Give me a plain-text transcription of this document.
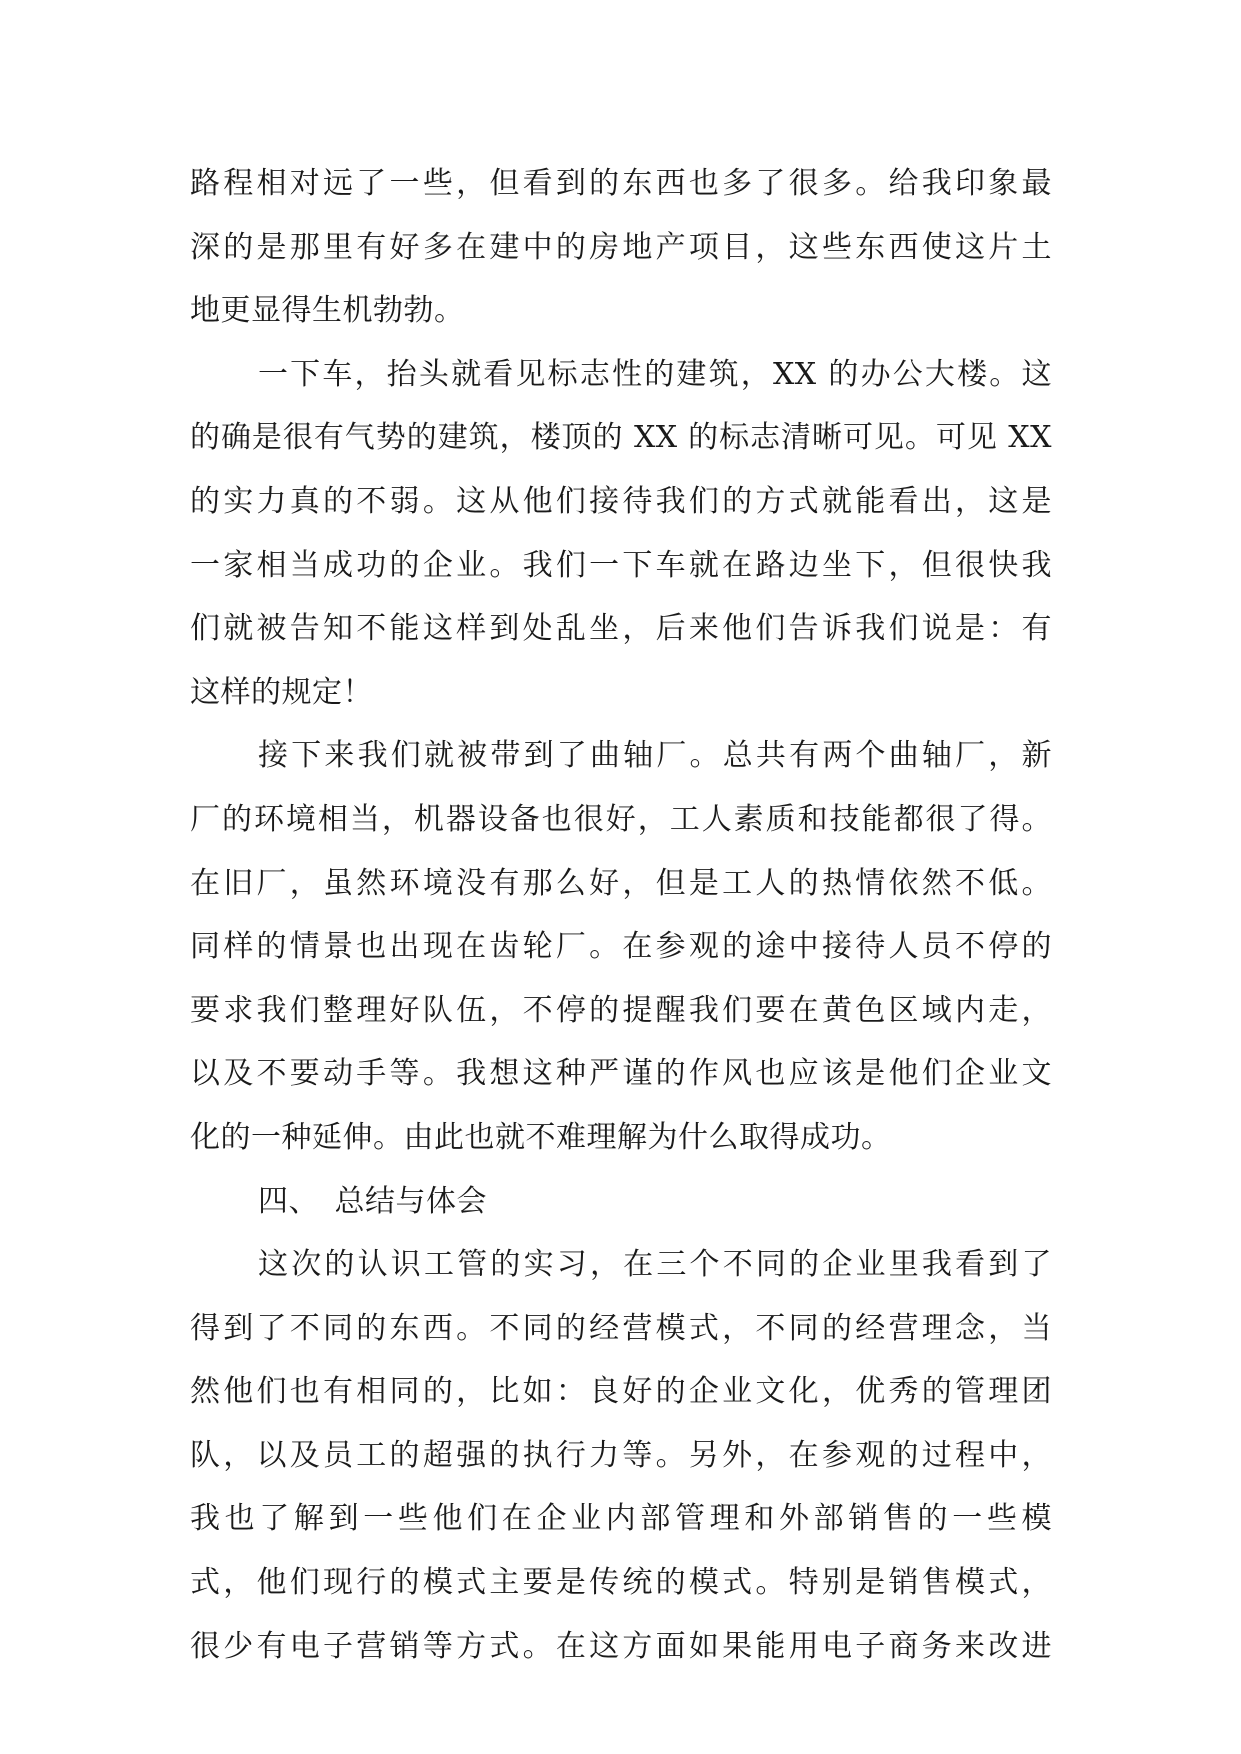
路程相对远了一些，但看到的东西也多了很多。给我印象最
深的是那里有好多在建中的房地产项目，这些东西使这片土
地更显得生机勃勃。
一下车，抬头就看见标志性的建筑，XX 的办公大楼。这
的确是很有气势的建筑，楼顶的 XX 的标志清晰可见。可见 XX
的实力真的不弱。这从他们接待我们的方式就能看出，这是
一家相当成功的企业。我们一下车就在路边坐下，但很快我
们就被告知不能这样到处乱坐，后来他们告诉我们说是：有
这样的规定！
接下来我们就被带到了曲轴厂。总共有两个曲轴厂，新
厂的环境相当，机器设备也很好，工人素质和技能都很了得。
在旧厂，虽然环境没有那么好，但是工人的热情依然不低。
同样的情景也出现在齿轮厂。在参观的途中接待人员不停的
要求我们整理好队伍，不停的提醒我们要在黄色区域内走，
以及不要动手等。我想这种严谨的作风也应该是他们企业文
化的一种延伸。由此也就不难理解为什么取得成功。
四、　总结与体会
这次的认识工管的实习，在三个不同的企业里我看到了
得到了不同的东西。不同的经营模式，不同的经营理念，当
然他们也有相同的，比如：良好的企业文化，优秀的管理团
队，以及员工的超强的执行力等。另外，在参观的过程中，
我也了解到一些他们在企业内部管理和外部销售的一些模
式，他们现行的模式主要是传统的模式。特别是销售模式，
很少有电子营销等方式。在这方面如果能用电子商务来改进
